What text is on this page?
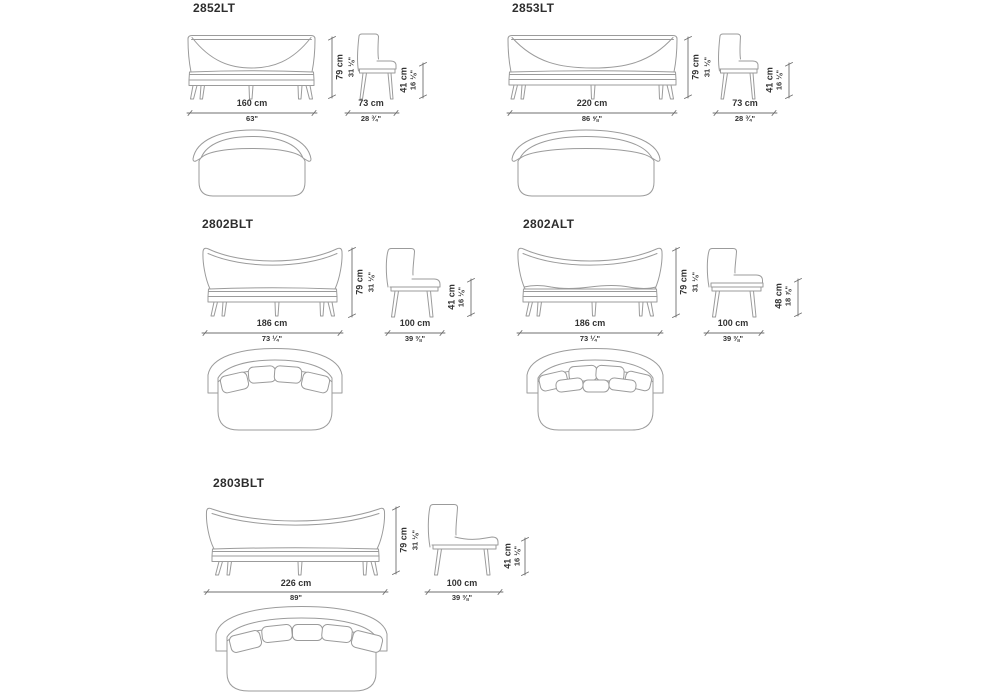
2852LT
79 cm 31 ⅛"
41 cm 16 ⅛"
160 cm
63"
73 cm
28 ¾"
2853LT
79 cm 31 ⅛"
41 cm 16 ⅛"
220 cm
86 ⅝"
73 cm
28 ¾"
2802BLT
79 cm 31 ⅛"
41 cm 16 ⅛"
186 cm
73 ¼"
100 cm
39 ⅜"
2802ALT
79 cm 31 ⅛"
48 cm 18 ⅞"
186 cm
73 ¼"
100 cm
39 ⅜"
2803BLT
79 cm 31 ⅛"
41 cm 16 ⅛"
226 cm
89"
100 cm
39 ⅜"
